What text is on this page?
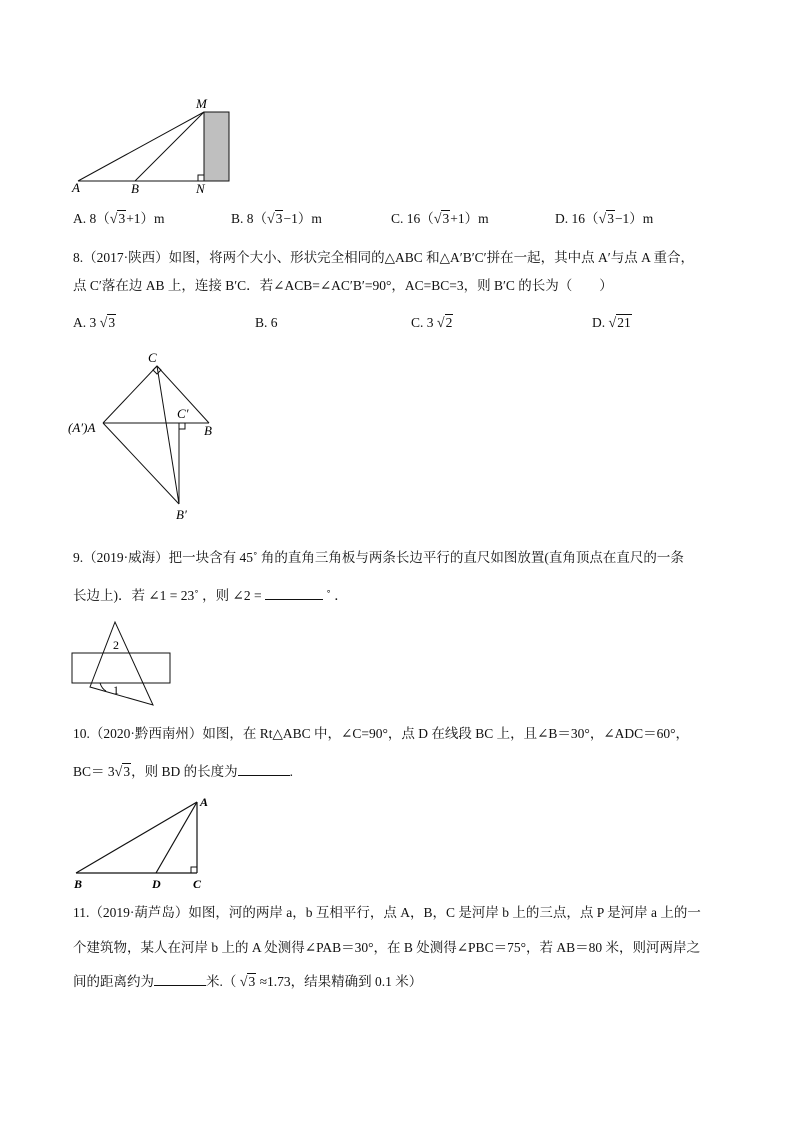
M
A	B	N
A. 8（√3+1）m	B. 8（√3−1）m	C. 16（√3+1）m	D. 16（√3−1）m
8.（2017·陕西）如图，将两个大小、形状完全相同的△ABC 和△A′B′C′拼在一起，其中点 A′与点 A 重合，
点 C′落在边 AB 上，连接 B′C．若∠ACB=∠AC′B′=90°，AC=BC=3，则 B′C 的长为（　　）
A. 3 √3	B. 6	C. 3 √2	D. √21
C
C′
(A′)A	B
B′
9.（2019·威海）把一块含有 45˚ 角的直角三角板与两条长边平行的直尺如图放置(直角顶点在直尺的一条
长边上)．若 ∠1 = 23˚ ，则 ∠2 =	˚ ．
2
1
10.（2020·黔西南州）如图，在 Rt△ABC 中，∠C=90°，点 D 在线段 BC 上，且∠B＝30°，∠ADC＝60°，
BC＝ 3√3，则 BD 的长度为	.
A
B	D	C
11.（2019·葫芦岛）如图，河的两岸 a，b 互相平行，点 A，B，C 是河岸 b 上的三点，点 P 是河岸 a 上的一
个建筑物，某人在河岸 b 上的 A 处测得∠PAB＝30°，在 B 处测得∠PBC＝75°，若 AB＝80 米，则河两岸之
间的距离约为	米.（ √3 ≈1.73，结果精确到 0.1 米）
